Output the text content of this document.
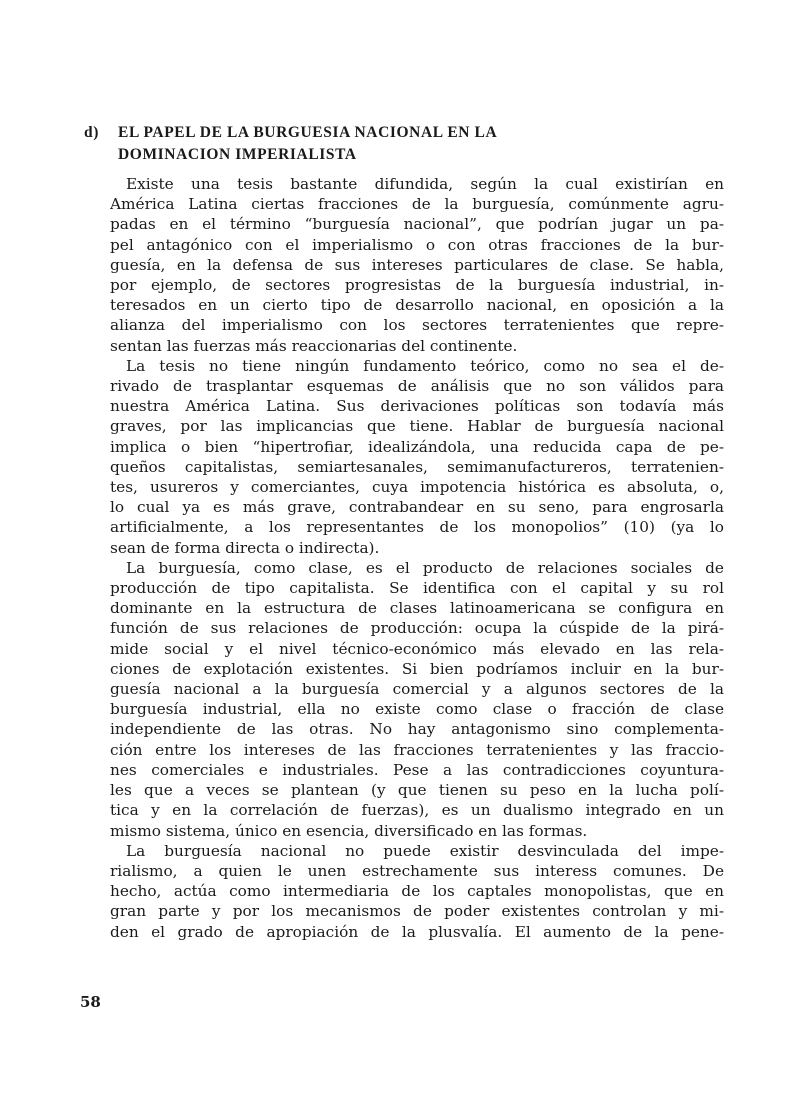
d) EL PAPEL DE LA BURGUESIA NACIONAL EN LA
DOMINACION IMPERIALISTA
Existe una tesis bastante difundida, según la cual existirían en
América Latina ciertas fracciones de la burguesía, comúnmente agru-
padas en el término “burguesía nacional”, que podrían jugar un pa-
pel antagónico con el imperialismo o con otras fracciones de la bur-
guesía, en la defensa de sus intereses particulares de clase. Se habla,
por ejemplo, de sectores progresistas de la burguesía industrial, in-
teresados en un cierto tipo de desarrollo nacional, en oposición a la
alianza del imperialismo con los sectores terratenientes que repre-
sentan las fuerzas más reaccionarias del continente.
La tesis no tiene ningún fundamento teórico, como no sea el de-
rivado de trasplantar esquemas de análisis que no son válidos para
nuestra América Latina. Sus derivaciones políticas son todavía más
graves, por las implicancias que tiene. Hablar de burguesía nacional
implica o bien “hipertrofiar, idealizándola, una reducida capa de pe-
queños capitalistas, semiartesanales, semimanufactureros, terratenien-
tes, usureros y comerciantes, cuya impotencia histórica es absoluta, o,
lo cual ya es más grave, contrabandear en su seno, para engrosarla
artificialmente, a los representantes de los monopolios” (10) (ya lo
sean de forma directa o indirecta).
La burguesía, como clase, es el producto de relaciones sociales de
producción de tipo capitalista. Se identifica con el capital y su rol
dominante en la estructura de clases latinoamericana se configura en
función de sus relaciones de producción: ocupa la cúspide de la pirá-
mide social y el nivel técnico-económico más elevado en las rela-
ciones de explotación existentes. Si bien podríamos incluir en la bur-
guesía nacional a la burguesía comercial y a algunos sectores de la
burguesía industrial, ella no existe como clase o fracción de clase
independiente de las otras. No hay antagonismo sino complementa-
ción entre los intereses de las fracciones terratenientes y las fraccio-
nes comerciales e industriales. Pese a las contradicciones coyuntura-
les que a veces se plantean (y que tienen su peso en la lucha polí-
tica y en la correlación de fuerzas), es un dualismo integrado en un
mismo sistema, único en esencia, diversificado en las formas.
La burguesía nacional no puede existir desvinculada del impe-
rialismo, a quien le unen estrechamente sus interess comunes. De
hecho, actúa como intermediaria de los captales monopolistas, que en
gran parte y por los mecanismos de poder existentes controlan y mi-
den el grado de apropiación de la plusvalía. El aumento de la pene-
58
